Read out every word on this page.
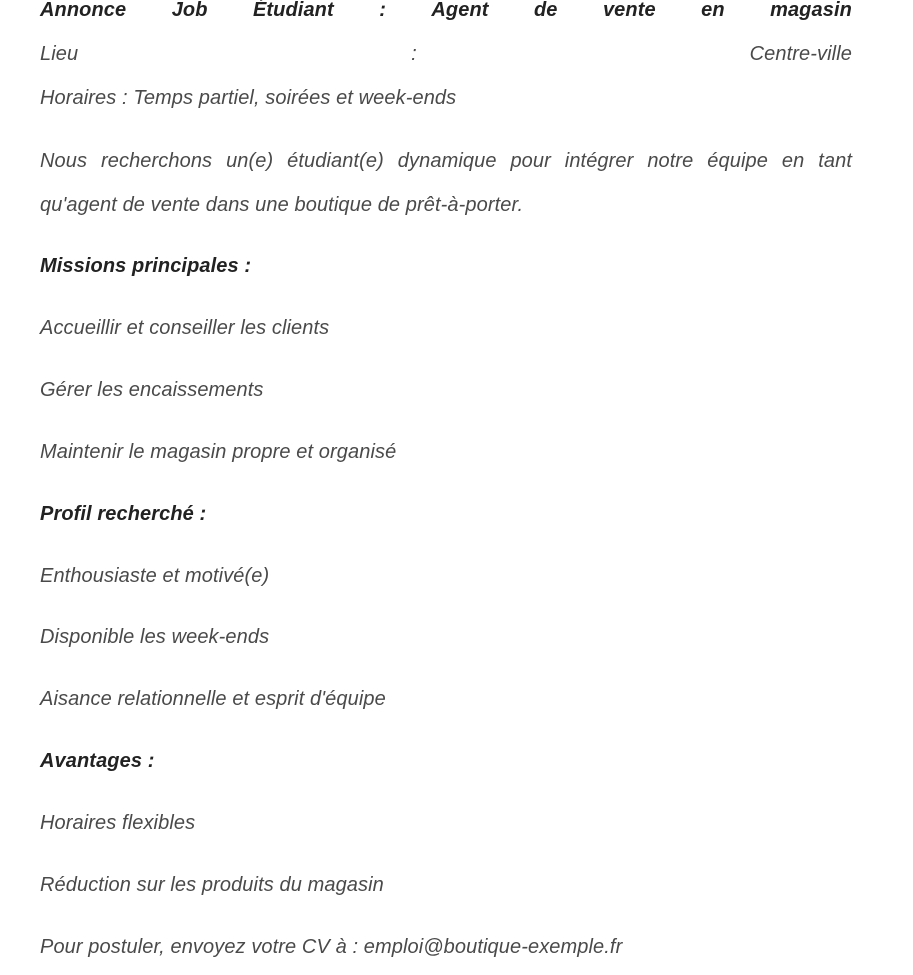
Annonce Job Étudiant : Agent de vente en magasin
Lieu	:	Centre-ville
Horaires : Temps partiel, soirées et week-ends
Nous recherchons un(e) étudiant(e) dynamique pour intégrer notre équipe en tant qu'agent de vente dans une boutique de prêt-à-porter.
Missions principales :
Accueillir et conseiller les clients
Gérer les encaissements
Maintenir le magasin propre et organisé
Profil recherché :
Enthousiaste et motivé(e)
Disponible les week-ends
Aisance relationnelle et esprit d'équipe
Avantages :
Horaires flexibles
Réduction sur les produits du magasin
Pour postuler, envoyez votre CV à : emploi@boutique-exemple.fr
